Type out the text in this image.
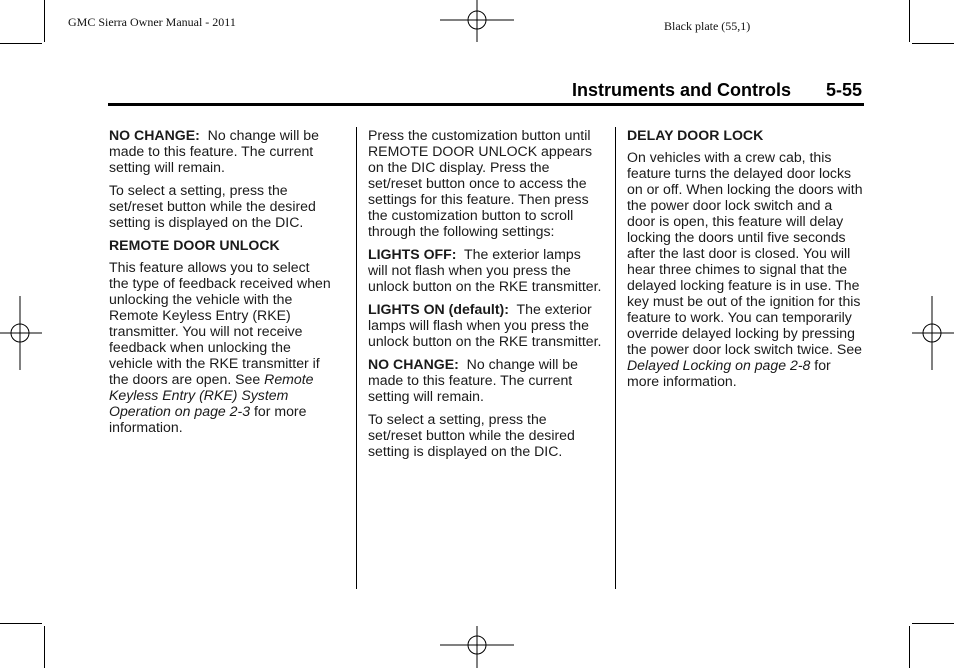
GMC Sierra Owner Manual - 2011	Black plate (55,1)
Instruments and Controls 5-55

NO CHANGE: No change will be made to this feature. The current setting will remain.

To select a setting, press the set/reset button while the desired setting is displayed on the DIC.

REMOTE DOOR UNLOCK

This feature allows you to select the type of feedback received when unlocking the vehicle with the Remote Keyless Entry (RKE) transmitter. You will not receive feedback when unlocking the vehicle with the RKE transmitter if the doors are open. See Remote Keyless Entry (RKE) System Operation on page 2‑3 for more information.

Press the customization button until REMOTE DOOR UNLOCK appears on the DIC display. Press the set/reset button once to access the settings for this feature. Then press the customization button to scroll through the following settings:

LIGHTS OFF: The exterior lamps will not flash when you press the unlock button on the RKE transmitter.

LIGHTS ON (default): The exterior lamps will flash when you press the unlock button on the RKE transmitter.

NO CHANGE: No change will be made to this feature. The current setting will remain.

To select a setting, press the set/reset button while the desired setting is displayed on the DIC.

DELAY DOOR LOCK

On vehicles with a crew cab, this feature turns the delayed door locks on or off. When locking the doors with the power door lock switch and a door is open, this feature will delay locking the doors until five seconds after the last door is closed. You will hear three chimes to signal that the delayed locking feature is in use. The key must be out of the ignition for this feature to work. You can temporarily override delayed locking by pressing the power door lock switch twice. See Delayed Locking on page 2‑8 for more information.
